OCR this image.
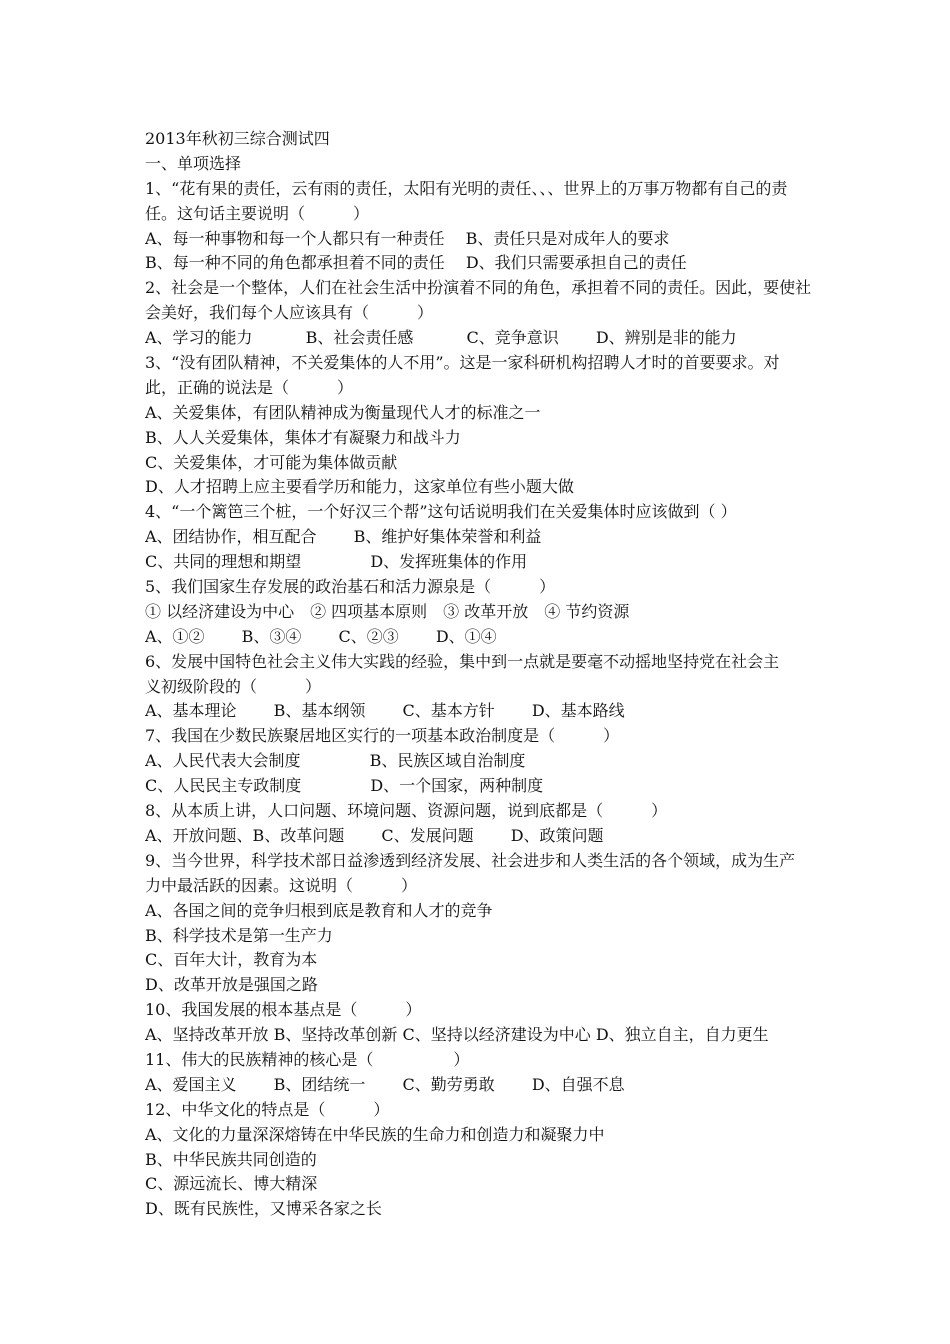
2013年秋初三综合测试四
一、单项选择
1、“花有果的责任，云有雨的责任，太阳有光明的责任、、、世界上的万事万物都有自己的责
任。这句话主要说明（　　　）
A、每一种事物和每一个人都只有一种责任　 B、责任只是对成年人的要求
B、每一种不同的角色都承担着不同的责任　 D、我们只需要承担自己的责任
2、社会是一个整体，人们在社会生活中扮演着不同的角色，承担着不同的责任。因此，要使社
会美好，我们每个人应该具有（　　　）
A、学习的能力　　　 B、社会责任感　　　 C、竞争意识　　 D、辨别是非的能力
3、“没有团队精神，不关爱集体的人不用”。这是一家科研机构招聘人才时的首要要求。对
此，正确的说法是（　　　）
A、关爱集体，有团队精神成为衡量现代人才的标准之一
B、人人关爱集体，集体才有凝聚力和战斗力
C、关爱集体，才可能为集体做贡献
D、人才招聘上应主要看学历和能力，这家单位有些小题大做
4、“一个篱笆三个桩，一个好汉三个帮”这句话说明我们在关爱集体时应该做到（ ）
A、团结协作，相互配合　　 B、维护好集体荣誉和利益
C、共同的理想和期望　　　　 D、发挥班集体的作用
5、我们国家生存发展的政治基石和活力源泉是（　　　）
① 以经济建设为中心　② 四项基本原则　③ 改革开放　④ 节约资源
A、①②　　 B、③④　　 C、②③　　 D、①④
6、发展中国特色社会主义伟大实践的经验，集中到一点就是要毫不动摇地坚持党在社会主
义初级阶段的（　　　）
A、基本理论　　 B、基本纲领　　 C、基本方针　　 D、基本路线
7、我国在少数民族聚居地区实行的一项基本政治制度是（　　　）
A、人民代表大会制度　　　　 B、民族区域自治制度
C、人民民主专政制度　　　　 D、一个国家，两种制度
8、从本质上讲，人口问题、环境问题、资源问题，说到底都是（　　　）
A、开放问题、B、改革问题　　 C、发展问题　　 D、政策问题
9、当今世界，科学技术部日益渗透到经济发展、社会进步和人类生活的各个领域，成为生产
力中最活跃的因素。这说明（　　　）
A、各国之间的竞争归根到底是教育和人才的竞争
B、科学技术是第一生产力
C、百年大计，教育为本
D、改革开放是强国之路
10、我国发展的根本基点是（　　　）
A、坚持改革开放 B、坚持改革创新 C、坚持以经济建设为中心 D、独立自主，自力更生
11、伟大的民族精神的核心是（　　　　　）
A、爱国主义　　 B、团结统一　　 C、勤劳勇敢　　 D、自强不息
12、中华文化的特点是（　　　）
A、文化的力量深深熔铸在中华民族的生命力和创造力和凝聚力中
B、中华民族共同创造的
C、源远流长、博大精深
D、既有民族性，又博采各家之长
